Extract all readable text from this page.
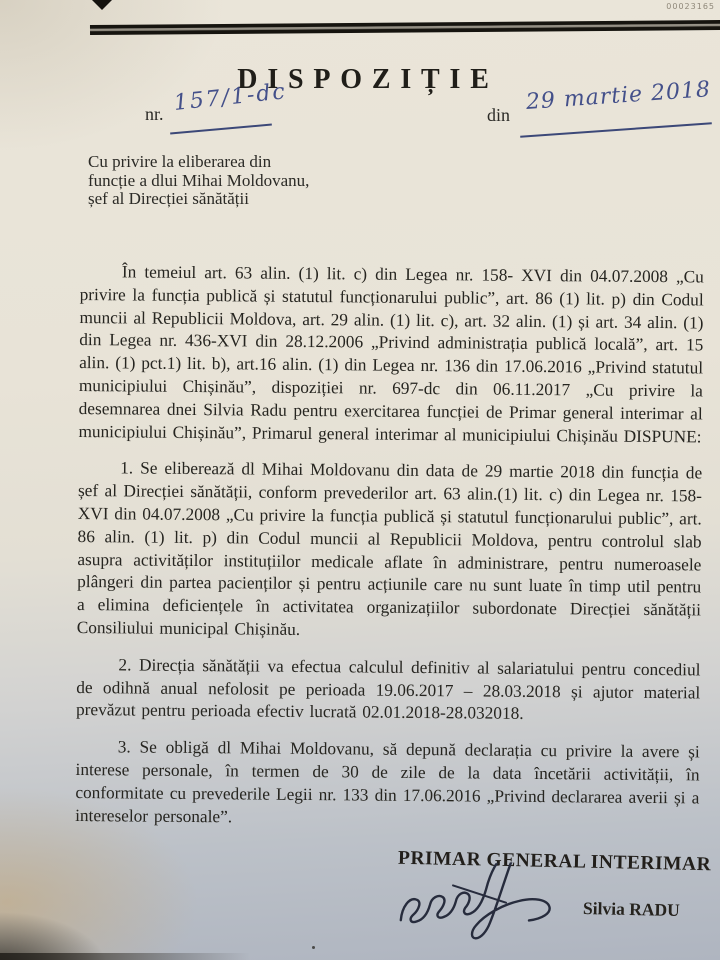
00023165
DISPOZIȚIE
nr. 157/1-dc	din
29 martie 2018
Cu privire la eliberarea din
funcție a dlui Mihai Moldovanu,
șef al Direcției sănătății

În temeiul art. 63 alin. (1) lit. c) din Legea nr. 158- XVI din 04.07.2008 „Cu privire la funcția publică și statutul funcționarului public”, art. 86 (1) lit. p) din Codul muncii al Republicii Moldova, art. 29 alin. (1) lit. c), art. 32 alin. (1) și art. 34 alin. (1) din Legea nr. 436-XVI din 28.12.2006 „Privind administrația publică locală”, art. 15 alin. (1) pct.1) lit. b), art.16 alin. (1) din Legea nr. 136 din 17.06.2016 „Privind statutul municipiului Chișinău”, dispoziției nr. 697-dc din 06.11.2017 „Cu privire la desemnarea dnei Silvia Radu pentru exercitarea funcției de Primar general interimar al municipiului Chișinău”, Primarul general interimar al municipiului Chișinău DISPUNE:

1. Se eliberează dl Mihai Moldovanu din data de 29 martie 2018 din funcția de șef al Direcției sănătății, conform prevederilor art. 63 alin.(1) lit. c) din Legea nr. 158-XVI din 04.07.2008 „Cu privire la funcția publică și statutul funcționarului public”, art. 86 alin. (1) lit. p) din Codul muncii al Republicii Moldova, pentru controlul slab asupra activităților instituțiilor medicale aflate în administrare, pentru numeroasele plângeri din partea pacienților și pentru acțiunile care nu sunt luate în timp util pentru a elimina deficiențele în activitatea organizațiilor subordonate Direcției sănătății Consiliului municipal Chișinău.

2. Direcția sănătății va efectua calculul definitiv al salariatului pentru concediul de odihnă anual nefolosit pe perioada 19.06.2017 – 28.03.2018 și ajutor material prevăzut pentru perioada efectiv lucrată 02.01.2018-28.032018.

3. Se obligă dl Mihai Moldovanu, să depună declarația cu privire la avere și interese personale, în termen de 30 de zile de la data încetării activității, în conformitate cu prevederile Legii nr. 133 din 17.06.2016 „Privind declararea averii și a intereselor personale”.

PRIMAR GENERAL INTERIMAR
Silvia RADU
